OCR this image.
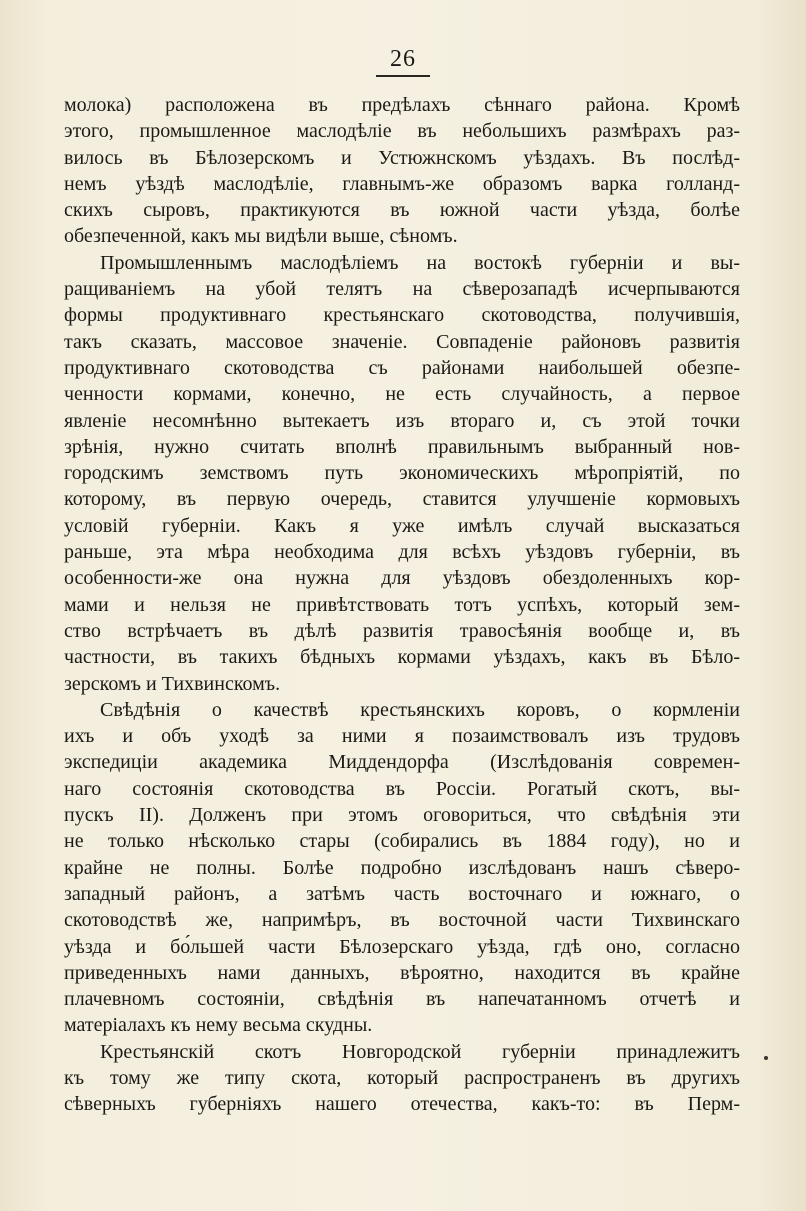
26
молока) расположена въ предѣлахъ сѣннаго района. Кромѣ
этого, промышленное маслодѣліе въ небольшихъ размѣрахъ раз-
вилось въ Бѣлозерскомъ и Устюжнскомъ уѣздахъ. Въ послѣд-
немъ уѣздѣ маслодѣліе, главнымъ-же образомъ варка голланд-
скихъ сыровъ, практикуются въ южной части уѣзда, болѣе
обезпеченной, какъ мы видѣли выше, сѣномъ.
Промышленнымъ маслодѣліемъ на востокѣ губерніи и вы-
ращиваніемъ на убой телятъ на сѣверозападѣ исчерпываются
формы продуктивнаго крестьянскаго скотоводства, получившія,
такъ сказать, массовое значеніе. Совпаденіе районовъ развитія
продуктивнаго скотоводства съ районами наибольшей обезпе-
ченности кормами, конечно, не есть случайность, а первое
явленіе несомнѣнно вытекаетъ изъ втораго и, съ этой точки
зрѣнія, нужно считать вполнѣ правильнымъ выбранный нов-
городскимъ земствомъ путь экономическихъ мѣропріятій, по
которому, въ первую очередь, ставится улучшеніе кормовыхъ
условій губерніи. Какъ я уже имѣлъ случай высказаться
раньше, эта мѣра необходима для всѣхъ уѣздовъ губерніи, въ
особенности-же она нужна для уѣздовъ обездоленныхъ кор-
мами и нельзя не привѣтствовать тотъ успѣхъ, который зем-
ство встрѣчаетъ въ дѣлѣ развитія травосѣянія вообще и, въ
частности, въ такихъ бѣдныхъ кормами уѣздахъ, какъ въ Бѣло-
зерскомъ и Тихвинскомъ.
Свѣдѣнія о качествѣ крестьянскихъ коровъ, о кормленіи
ихъ и объ уходѣ за ними я позаимствовалъ изъ трудовъ
экспедиціи академика Миддендорфа (Изслѣдованія современ-
наго состоянія скотоводства въ Россіи. Рогатый скотъ, вы-
пускъ II). Долженъ при этомъ оговориться, что свѣдѣнія эти
не только нѣсколько стары (собирались въ 1884 году), но и
крайне не полны. Болѣе подробно изслѣдованъ нашъ сѣверо-
западный районъ, а затѣмъ часть восточнаго и южнаго, о
скотоводствѣ же, напримѣръ, въ восточной части Тихвинскаго
уѣзда и бо́льшей части Бѣлозерскаго уѣзда, гдѣ оно, согласно
приведенныхъ нами данныхъ, вѣроятно, находится въ крайне
плачевномъ состояніи, свѣдѣнія въ напечатанномъ отчетѣ и
матеріалахъ къ нему весьма скудны.
Крестьянскій скотъ Новгородской губерніи принадлежитъ
къ тому же типу скота, который распространенъ въ другихъ
сѣверныхъ губерніяхъ нашего отечества, какъ-то: въ Перм-
